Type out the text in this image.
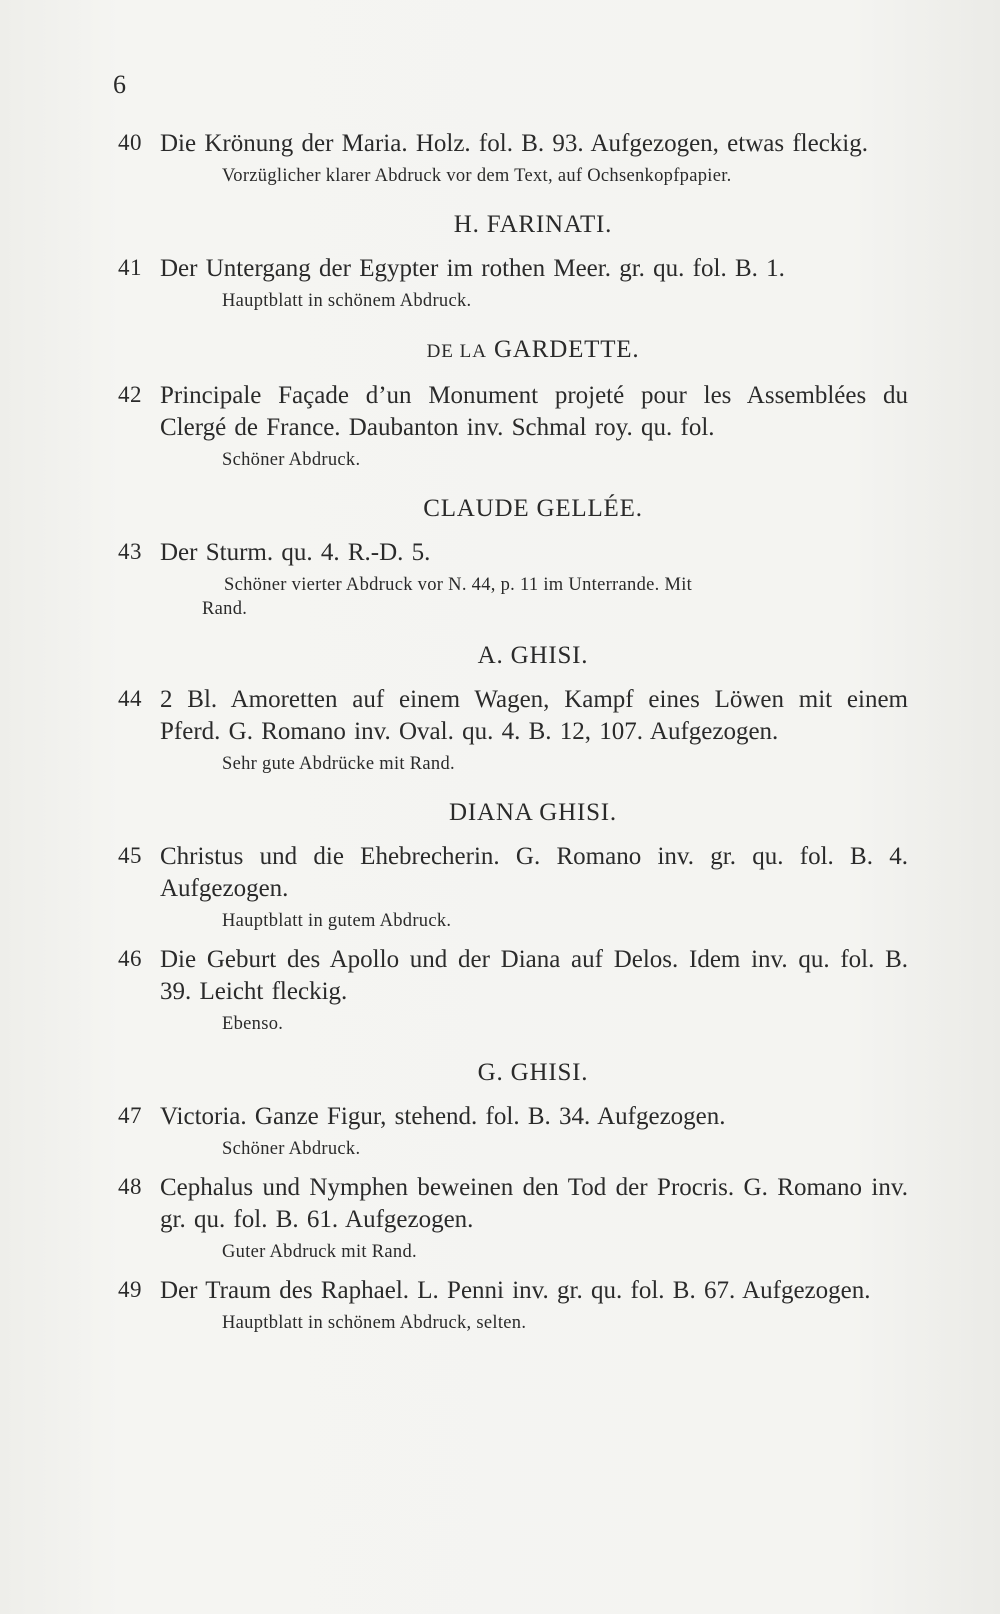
6
40 Die Krönung der Maria. Holz. fol. B. 93. Aufgezogen, etwas fleckig.
Vorzüglicher klarer Abdruck vor dem Text, auf Ochsenkopfpapier.
H. FARINATI.
41 Der Untergang der Egypter im rothen Meer. gr. qu. fol. B. 1.
Hauptblatt in schönem Abdruck.
DE LA GARDETTE.
42 Principale Façade d’un Monument projeté pour les Assemblées du Clergé de France. Daubanton inv. Schmal roy. qu. fol.
Schöner Abdruck.
CLAUDE GELLÉE.
43 Der Sturm. qu. 4. R.-D. 5.
Schöner vierter Abdruck vor N. 44, p. 11 im Unterrande. Mit
Rand.
A. GHISI.
44 2 Bl. Amoretten auf einem Wagen, Kampf eines Löwen mit einem Pferd. G. Romano inv. Oval. qu. 4. B. 12, 107. Aufgezogen.
Sehr gute Abdrücke mit Rand.
DIANA GHISI.
45 Christus und die Ehebrecherin. G. Romano inv. gr. qu. fol. B. 4. Aufgezogen.
Hauptblatt in gutem Abdruck.
46 Die Geburt des Apollo und der Diana auf Delos. Idem inv. qu. fol. B. 39. Leicht fleckig.
Ebenso.
G. GHISI.
47 Victoria. Ganze Figur, stehend. fol. B. 34. Aufgezogen.
Schöner Abdruck.
48 Cephalus und Nymphen beweinen den Tod der Procris. G. Romano inv. gr. qu. fol. B. 61. Aufgezogen.
Guter Abdruck mit Rand.
49 Der Traum des Raphael. L. Penni inv. gr. qu. fol. B. 67. Aufgezogen.
Hauptblatt in schönem Abdruck, selten.
